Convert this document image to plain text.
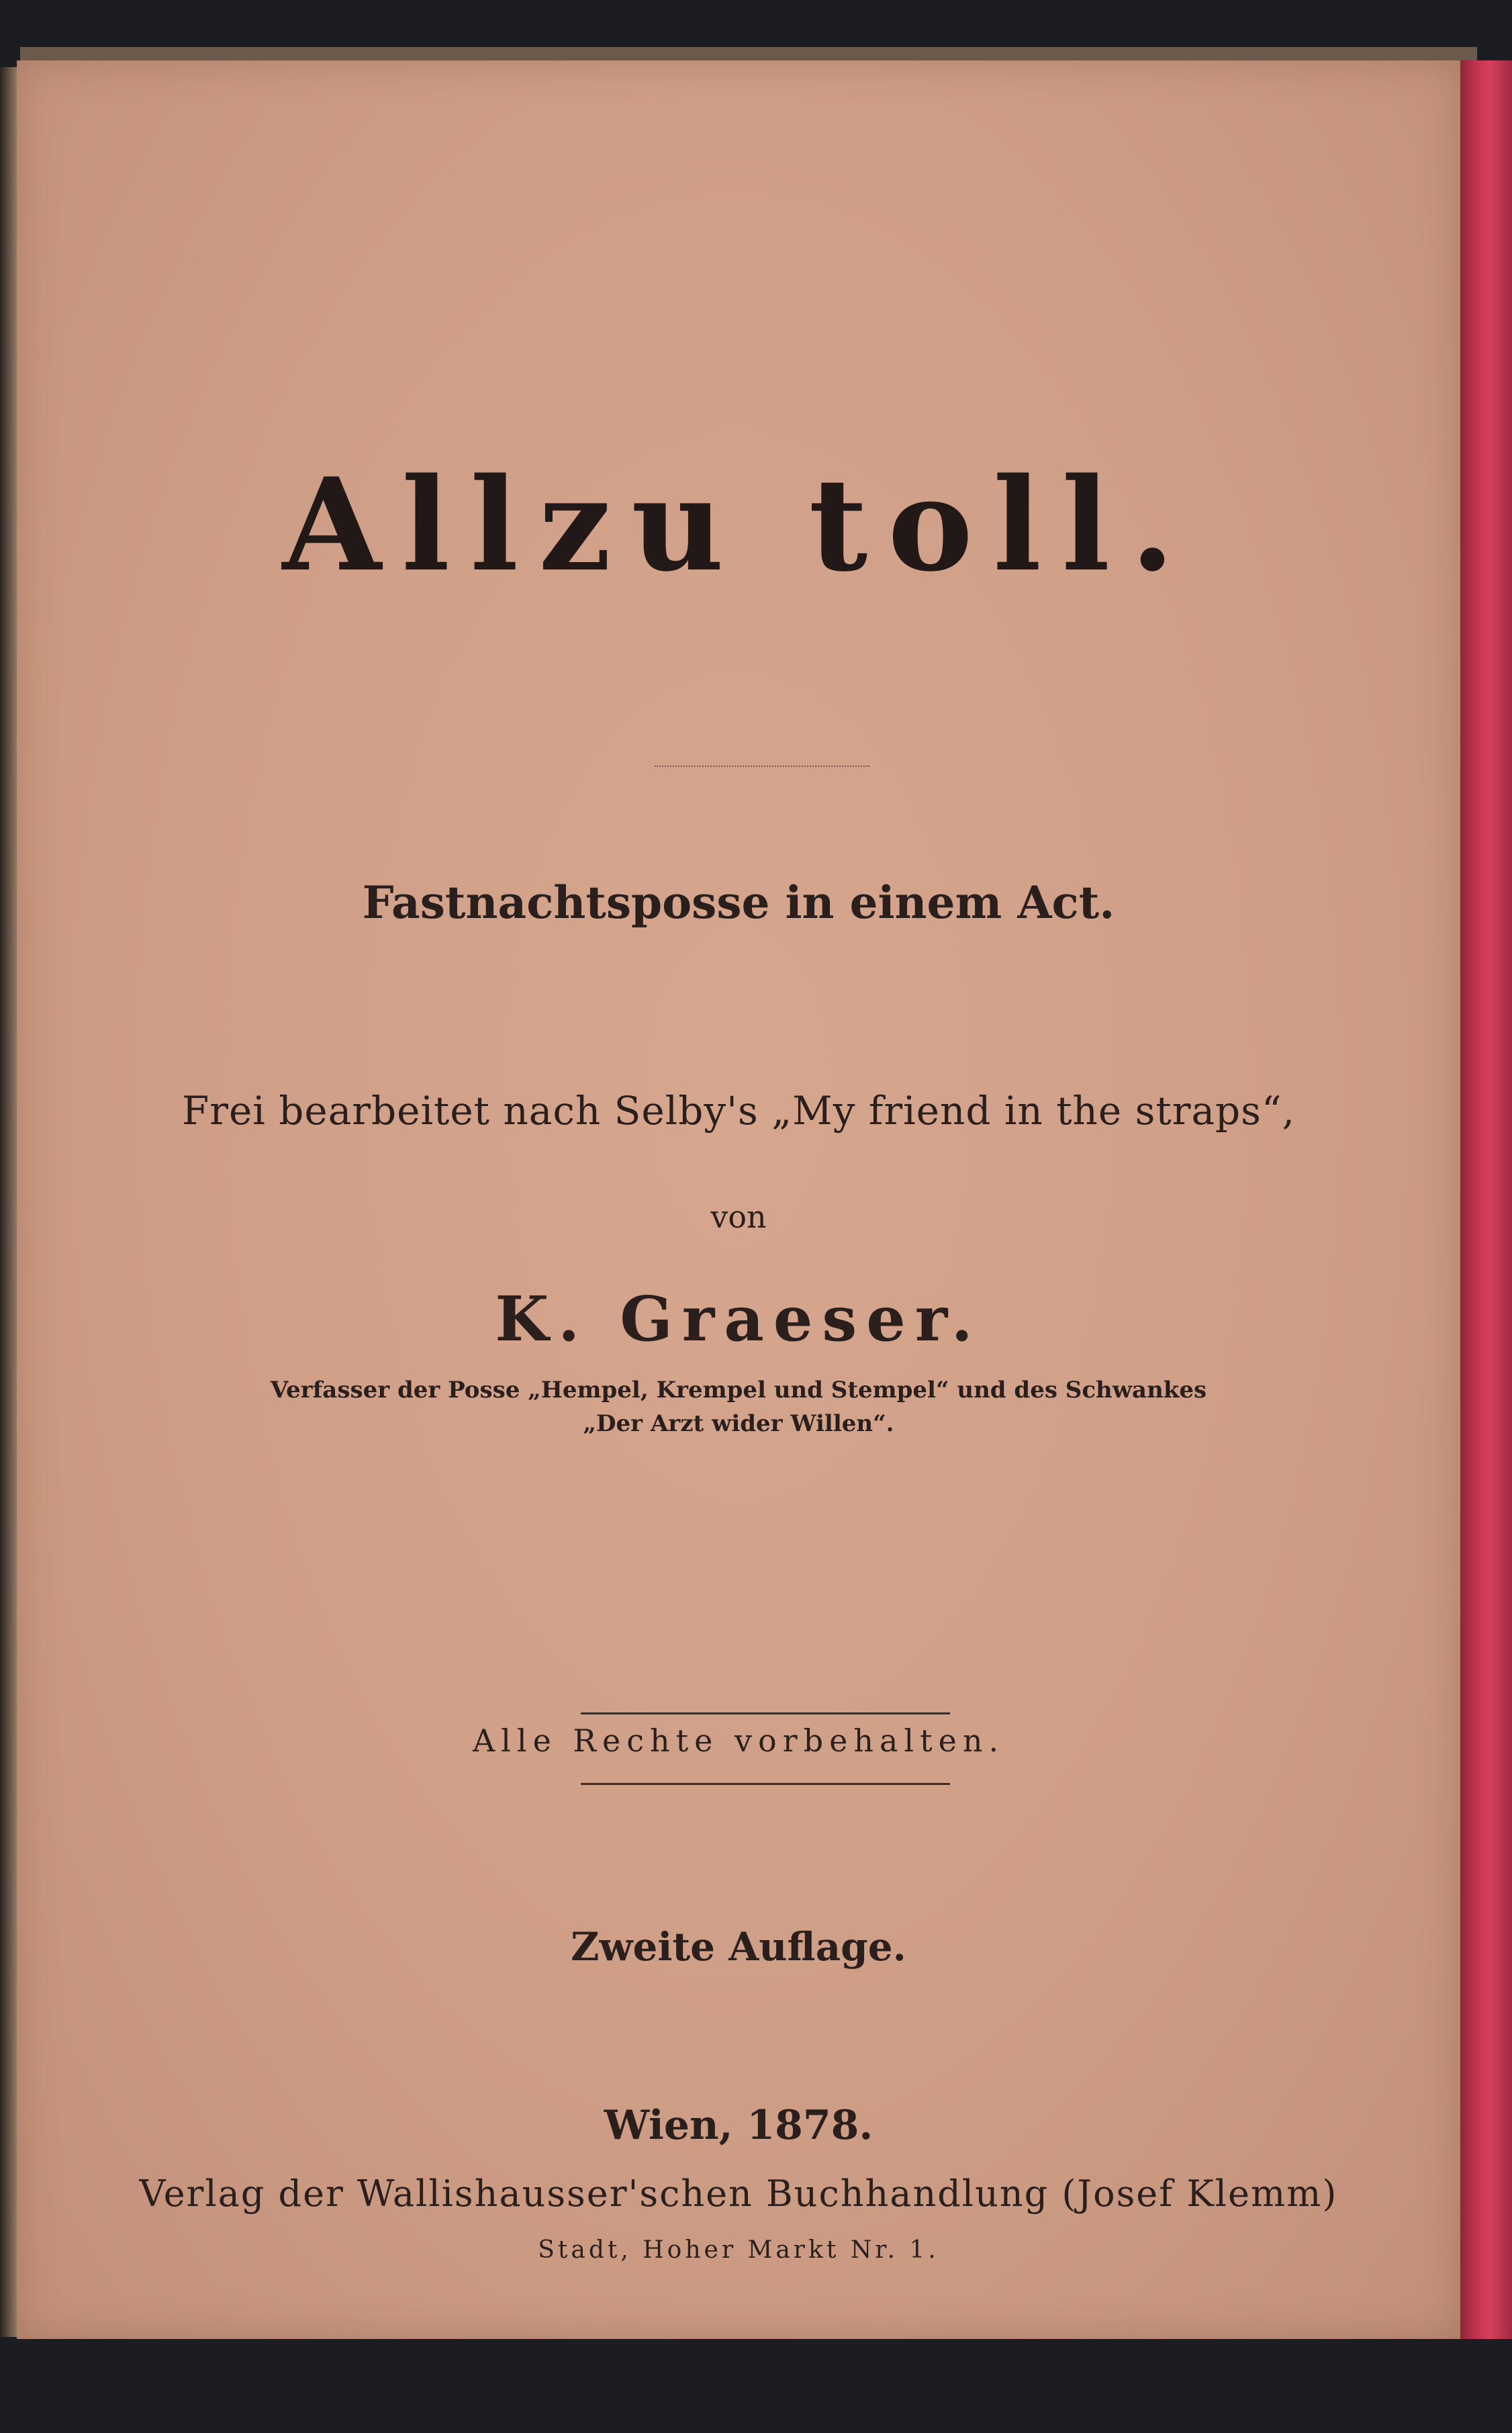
Allzu toll.
Fastnachtsposse in einem Act.
Frei bearbeitet nach Selby's „My friend in the straps“,
von
K. Graeser.
Verfasser der Posse „Hempel, Krempel und Stempel“ und des Schwankes
„Der Arzt wider Willen“.
Alle Rechte vorbehalten.
Zweite Auflage.
Wien, 1878.
Verlag der Wallishausser'schen Buchhandlung (Josef Klemm)
Stadt, Hoher Markt Nr. 1.
